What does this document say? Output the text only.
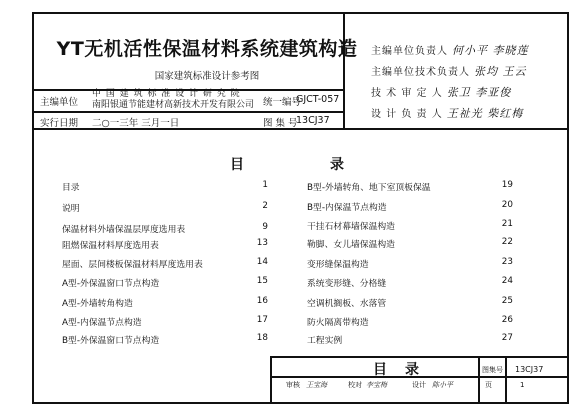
YT无机活性保温材料系统建筑构造
国家建筑标准设计参考图
主编单位
中 国 建 筑 标 准 设 计 研 究 院
南阳银通节能建材高新技术开发有限公司 统一编号
GJCT-057
实行日期 二○一三年 三月一日	图 集 号
13CJ37
主编单位负责人 何小平 李晓莲
主编单位技术负责人 张均 王云
技 术 审 定 人 张卫 李亚俊
设 计 负 责 人 王祉光 柴红梅
目	录
目录	1
说明	2
保温材料外墙保温层厚度选用表	9
阻燃保温材料厚度选用表	13
屋面、层间楼板保温材料厚度选用表	14
A型-外保温窗口节点构造	15
A型-外墙转角构造	16
A型-内保温节点构造	17
B型-外保温窗口节点构造	18
B型-外墙转角、地下室顶板保温	19
B型-内保温节点构造	20
干挂石材幕墙保温构造	21
勒脚、女儿墙保温构造	22
变形缝保温构造	23
系统变形缝、分格缝	24
空调机搁板、水落管	25
防火隔离带构造	26
工程实例	27
目录	图集号 13CJ37
审核 王宝海	校对 李宝梅	设计 陈小平	页	1
